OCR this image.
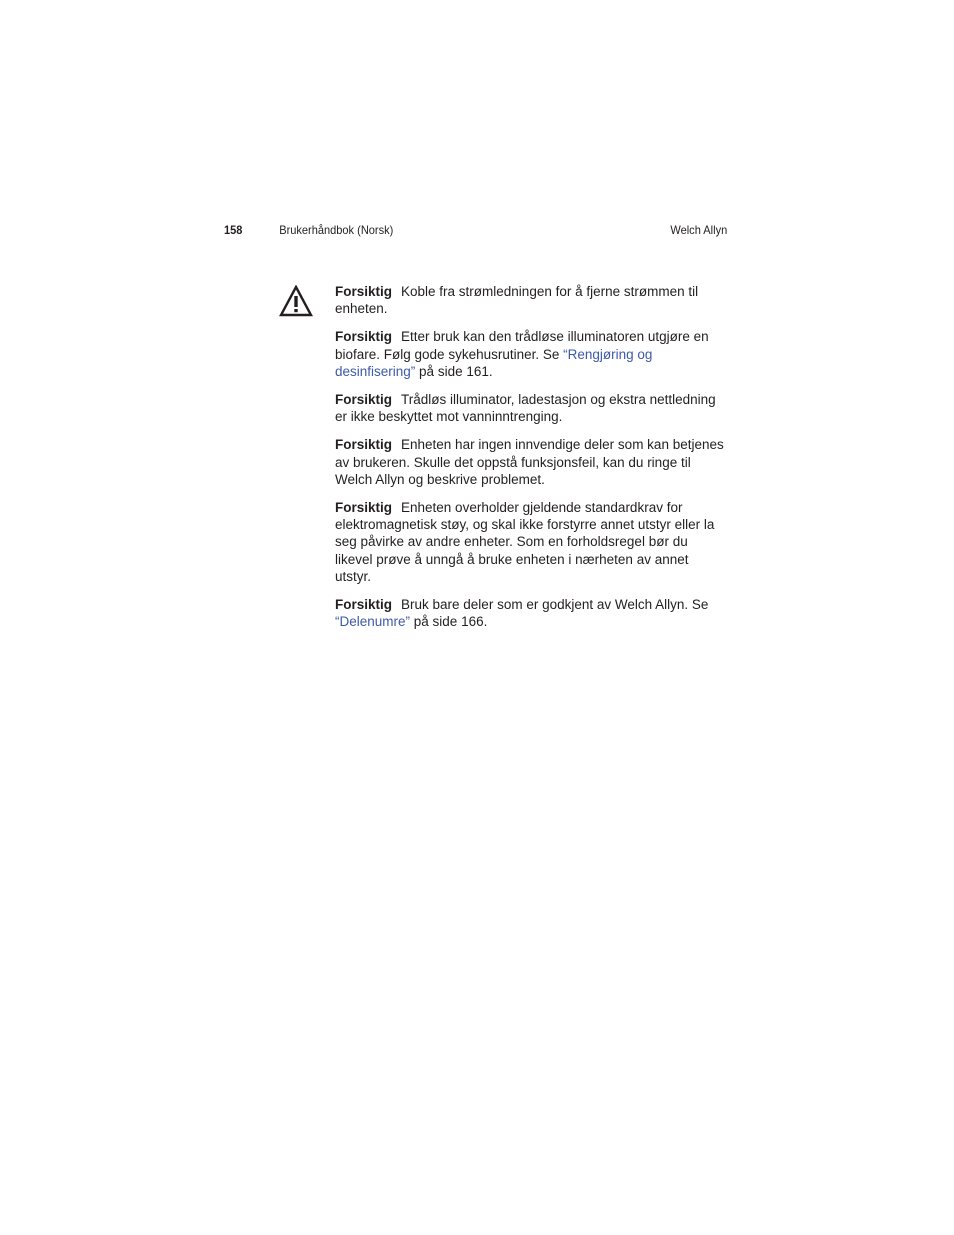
158	Brukerhåndbok (Norsk)	Welch Allyn

Forsiktig Koble fra strømledningen for å fjerne strømmen til enheten.

Forsiktig Etter bruk kan den trådløse illuminatoren utgjøre en biofare. Følg gode sykehusrutiner. Se “Rengjøring og desinfisering” på side 161.

Forsiktig Trådløs illuminator, ladestasjon og ekstra nettledning er ikke beskyttet mot vanninntrenging.

Forsiktig Enheten har ingen innvendige deler som kan betjenes av brukeren. Skulle det oppstå funksjonsfeil, kan du ringe til Welch Allyn og beskrive problemet.

Forsiktig Enheten overholder gjeldende standardkrav for elektromagnetisk støy, og skal ikke forstyrre annet utstyr eller la seg påvirke av andre enheter. Som en forholdsregel bør du likevel prøve å unngå å bruke enheten i nærheten av annet utstyr.

Forsiktig Bruk bare deler som er godkjent av Welch Allyn. Se “Delenumre” på side 166.
